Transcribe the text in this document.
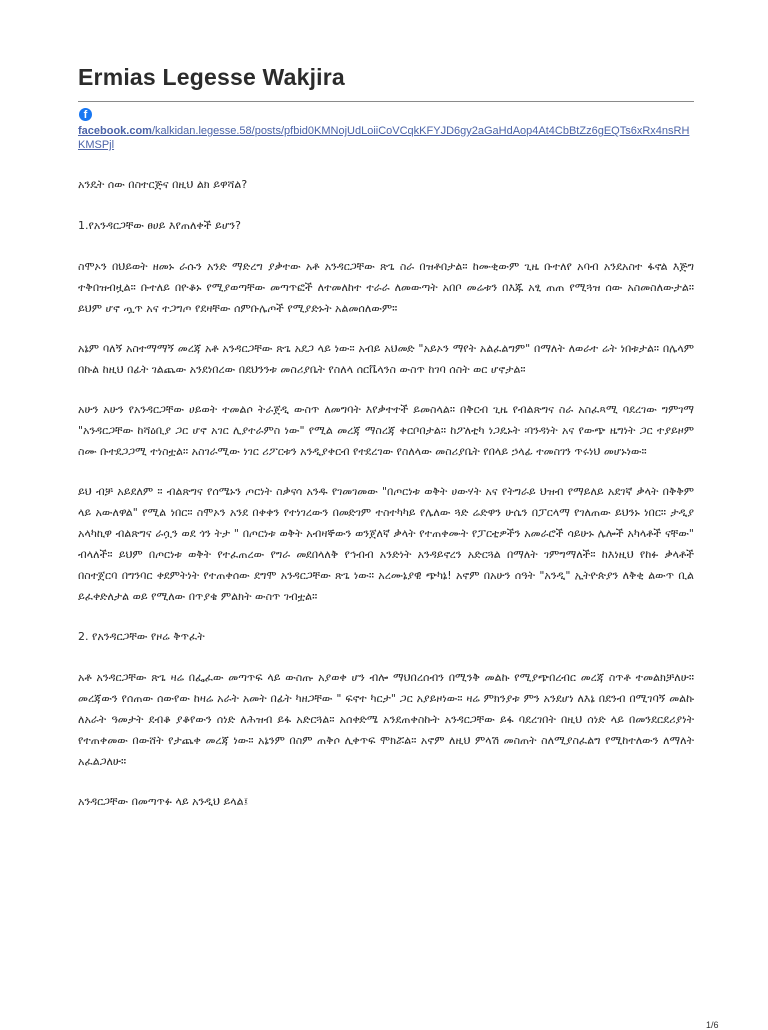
Ermias Legesse Wakjira
f
facebook.com/kalkidan.legesse.58/posts/pfbid0KMNojUdLoiiCoVCqkKFYJD6gy2aGaHdAop4At4CbBtZz6gEQTs6xRx4nsRHKMSPjl

አንዴት ሰው በስተርጅና በዚህ ልክ ይዋሻል?

1.የአንዳርጋቸው ፀሀይ እየጠለቀች ይሆን?

ስሞኦን በህይወት ዘመኑ ራሱን አንድ ማድረግ ያቃተው አቶ አንዳርጋቸው ጽጌ ስራ በዝቶበታል። ከሙቂውም ጊዜ ቡተለየ አባብ አንደአስተ ፋኖል እጅግ ተቅበዝብዟል። ቡተለይ በዮቆኑ የሚያወጣቸው መጣጥፎች ለተመለከተ ተራራ ለመውጣት አበቦ መሬቱን በእጁ አፂ ጠጠ የሚጓዝ ሰው አስመስለውታል። ይህም ሆኖ ጧጥ አና ተጋግጦ የደዛቸው ሰምቡሌጦች የሚያድኑት አልመሰለውም።

አኔም ባለኝ አስተማማኝ መረጃ አቶ አንዳርጋቸው ጽጌ አደጋ ላይ ነው። አብይ አህመድ "አይኦን ማየት አልፈልግም" በማለት ለወራተ ሬት ነበቱታል። በሌላም በኩል ከዚህ በፊት ገልጨው አንደነበረው በደህንንቱ መስሪያቤት የስለላ ሰርቬላንስ ውስጥ ከገባ ሰስት ወር ሆኖታል።

አሁን አሁን የአንዳርጋቸው ሀይወት ተመልሶ ትራጀዲ ውስጥ ለመግባት እየቃተተች ይመስላል። በቅርብ ጊዜ የብልጽግና ስራ አስፈጻሚ ባደረገው ግምገማ "አንዳርጋቸው ከሻዕቢያ ጋር ሆኖ አገር ሊያተራምስ ነው" የሚል መረጃ ማስረጃ ቀርቦበታል። ከፖለቲካ ነጋዴኑት ፡ባንዳነት አና የውጭ ዜግነት ጋር ተያይዞም ስሙ ቡተደጋጋሚ ተነስቷል። አስገራሚው ነገር ሪፖርቱን አንዲያቀርብ የተደረገው የስለላው መስሪያቤት የበላይ ኃላፊ ተመስገን ጥሩነህ መሆኑነው።

ይህ ብቻ አይደለም ። ብልጽግና የሰሜኑን ጦርነት ስቃናሳ አንዱ የገመገመው "በጦርነቱ ወቅት ሀውሃት አና የትግራይ ህዝብ የማይለይ አደገኛ ቃላት በቅቅም ላይ አውለዋል" የሚል ነበር። ስሞኦን አንደ በቀቀን የተነገረውን በመድገም ተስተካካይ የሌለው ጓድ ሬድዋን ሁሴን በፓርላማ የገለጠው ይህንኑ ነበር። ታዲያ አላካኪዋ ብልጽግና ራሷን ወደ ጎን ትታ " በጦርነቱ ወቅት አብዛኞውን ወንጀለኛ ቃላት የተጠቀሙት የፓርቲዎችን አመራሮች ሳይሁኑ ሌሎች አካላቶች ናቸው" ብላለች። ይህም በጦርነቱ ወቅት የተፈጠረው የግራ መደበላለቅ የኅብብ አንድነት አንዳይኖረን አድርጓል በማለት ገምግማለች። ከእነዚህ የከፉ ቃላቶች በስተጀርባ በግንባር ቀደምትነት የተጠቀሰው ደግሞ አንዳርጋቸው ጽጌ ነው። አረሙኔያዊ ጭካኔ! አኖም በአሁን ሰዓት "አንዲ" ኢትዮጵያን ለቅቂ ልውጥ ቢል ይፈቀድለታል ወይ የሚለው በጥያቄ ምልክት ውስጥ ገብቷል።

2. የአንዳርጋቸው የዞሬ ቅጥፈት

አቶ አንዳርጋቸው ጽጌ ዛሬ በፌፈው መጣጥፍ ላይ ውስጡ አያወቀ ሆን ብሎ ማህበረሰብን በሚንቅ መልኩ የሚያጭበረብር መረጃ ስጥቶ ተመልክቻለሁ። መረጃውን የሰጠው ሰውየው ከዛሬ አራት አመት በፊት ካዘጋቸው " ፍኖተ ካርታ" ጋር አያይዞነው። ዛሬ ምክንያቱ ምን አንደሆነ ለእኔ በደንብ በሚገባኝ መልኩ ለአራት ዓመታት ደብቆ ያቆየውን ሰነድ ለሕዝብ ይፋ አድርጓል። አሰቀድሜ አንደጠቀስኩት አንዳርጋቸው ይፋ ባደረገበት በዚህ ሰነድ ላይ በመንደርደሪያነት የተጠቀመው በውሸት የታጨቀ መረጃ ነው። አኔንም በስም ጠቅሶ ሊቀጥፍ ሞክሯል። አኖም ለዚህ ምላሽ መስጠት ስለሚያስፈልግ የሚከተለውን ለማለት አፈልጋለሁ።

አንዳርጋቸው በመጣጥፉ ላይ አንዲህ ይላል፤

1/6
